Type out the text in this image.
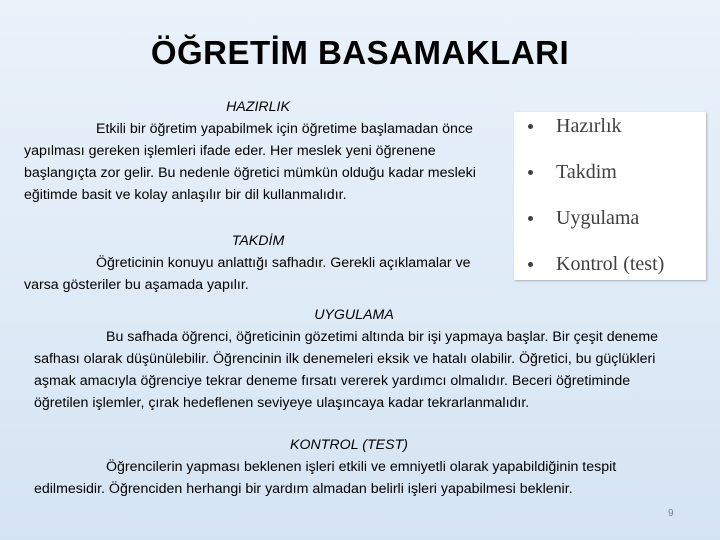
ÖĞRETİM BASAMAKLARI

HAZIRLIK

Etkili bir öğretim yapabilmek için öğretime başlamadan önce yapılması gereken işlemleri ifade eder. Her meslek yeni öğrenene başlangıçta zor gelir. Bu nedenle öğretici mümkün olduğu kadar mesleki eğitimde basit ve kolay anlaşılır bir dil kullanmalıdır.

TAKDİM

Öğreticinin konuyu anlattığı safhadır. Gerekli açıklamalar ve varsa gösteriler bu aşamada yapılır.

Hazırlık
Takdim
Uygulama
Kontrol (test)

UYGULAMA

Bu safhada öğrenci, öğreticinin gözetimi altında bir işi yapmaya başlar. Bir çeşit deneme safhası olarak düşünülebilir. Öğrencinin ilk denemeleri eksik ve hatalı olabilir. Öğretici, bu güçlükleri aşmak amacıyla öğrenciye tekrar deneme fırsatı vererek yardımcı olmalıdır. Beceri öğretiminde öğretilen işlemler, çırak hedeflenen seviyeye ulaşıncaya kadar tekrarlanmalıdır.

KONTROL (TEST)

Öğrencilerin yapması beklenen işleri etkili ve emniyetli olarak yapabildiğinin tespit edilmesidir. Öğrenciden herhangi bir yardım almadan belirli işleri yapabilmesi beklenir.

9
